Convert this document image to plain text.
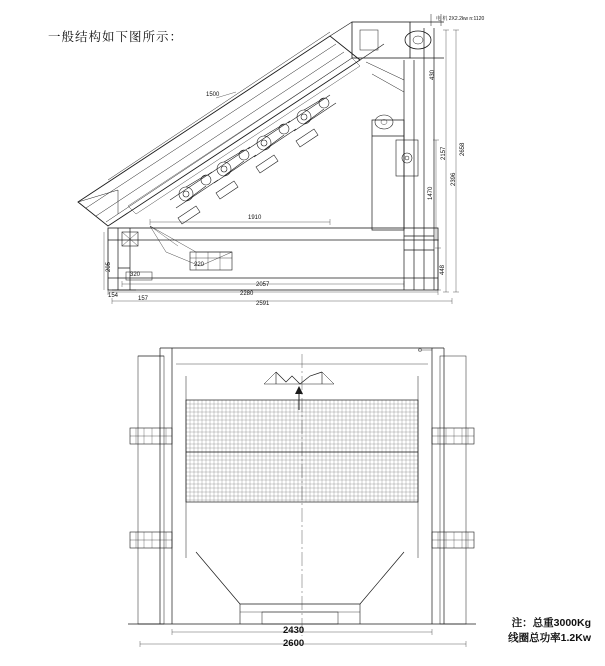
一般结构如下图所示：
电 机 2X2.2kw n:1120
1500
430
1910
2057
2280
2591
154	157
320
220
205
1470
2157
2396
2658
448
2430
2600
注：总重3000Kg
线圈总功率1.2Kw
